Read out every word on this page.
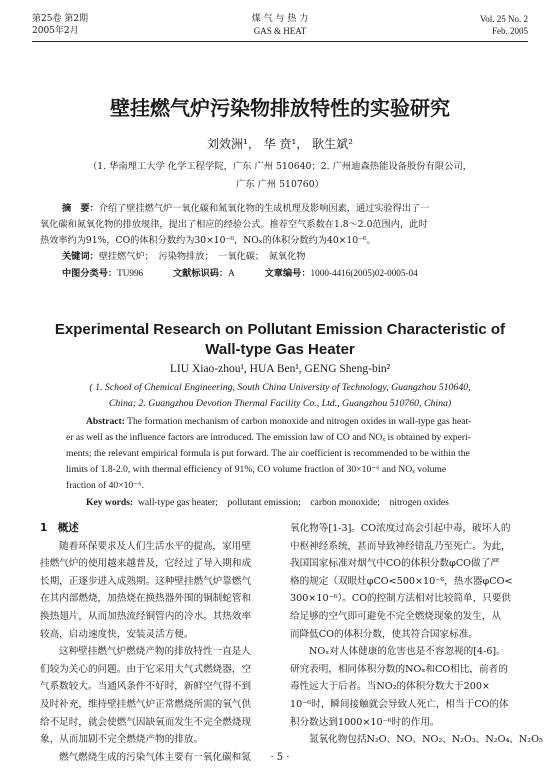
第25卷 第2期
2005年2月
煤 气 与 热 力
GAS & HEAT
Vol. 25 No. 2
Feb. 2005
壁挂燃气炉污染物排放特性的实验研究
刘效洲¹， 华 贲¹， 耿生斌²
（1. 华南理工大学 化学工程学院，广东 广州 510640；2. 广州迪森热能设备股份有限公司，
广东 广州 510760）
摘　要：介绍了壁挂燃气炉一氧化碳和氮氧化物的生成机理及影响因素，通过实验得出了一
氧化碳和氮氧化物的排放规律，提出了相应的经验公式。推荐空气系数在1.8～2.0范围内，此时
热效率约为91%，CO的体积分数约为30×10⁻⁶，NOₓ的体积分数约为40×10⁻⁶。
关键词：壁挂燃气炉；　污染物排放；　一氧化碳；　氮氧化物
中图分类号：TU996	文献标识码：A	文章编号：1000-4416(2005)02-0005-04
Experimental Research on Pollutant Emission Characteristic of
Wall-type Gas Heater
LIU Xiao-zhou¹, HUA Ben¹, GENG Sheng-bin²
( 1. School of Chemical Engineering, South China University of Technology, Guangzhou 510640,
China; 2. Guangzhou Devotion Thermal Facility Co., Ltd., Guangzhou 510760, China)
Abstract: The formation mechanism of carbon monoxide and nitrogen oxides in wall-type gas heat-
er as well as the influence factors are introduced. The emission law of CO and NOₓ is obtained by experi-
ments; the relevant empirical formula is put forward. The air coefficient is recommended to be within the
limits of 1.8-2.0, with thermal efficiency of 91%, CO volume fraction of 30×10⁻⁶ and NOₓ volume
fraction of 40×10⁻⁶.
Key words: wall-type gas heater;　pollutant emission;　carbon monoxide;　nitrogen oxides
1　概述

随着环保要求及人们生活水平的提高，家用壁

挂燃气炉的使用越来越普及，它经过了导入期和成

长期，正逐步进入成熟期。这种壁挂燃气炉靠燃气

在其内部燃烧，加热烧在换热器外围的铜制蛇管和

换热翅片，从而加热流经铜管内的冷水。其热效率

较高，启动速度快，安装灵活方便。

这种壁挂燃气炉燃烧产物的排放特性一直是人

们较为关心的问题。由于它采用大气式燃烧器，空

气系数较大。当通风条件不好时，新鲜空气得不到

及时补充，维持壁挂燃气炉正常燃烧所需的氧气供

给不足时，就会使燃气因缺氧而发生不完全燃烧现

象，从而加剧不完全燃烧产物的排放。

燃气燃烧生成的污染气体主要有一氧化碳和氮

氧化物等[1-3]。CO浓度过高会引起中毒，破坏人的

中枢神经系统，甚而导致神经错乱乃至死亡。为此，

我国国家标准对烟气中CO的体积分数φCO做了严

格的规定（双眼灶φCO<500×10⁻⁶，热水器φCO<

300×10⁻⁶）。CO的控制方法相对比较简单，只要供

给足够的空气即可避免不完全燃烧现象的发生，从

而降低CO的体积分数，使其符合国家标准。

NOₓ对人体健康的危害也是不容忽视的[4-6]。

研究表明，相同体积分数的NOₓ和CO相比，前者的

毒性远大于后者。当NO₂的体积分数大于200×

10⁻⁶时，瞬间接触就会导致人死亡，相当于CO的体

积分数达到1000×10⁻⁶时的作用。

氮氧化物包括N₂O、NO、NO₂、N₂O₃、N₂O₄、N₂O₅

· 5 ·
